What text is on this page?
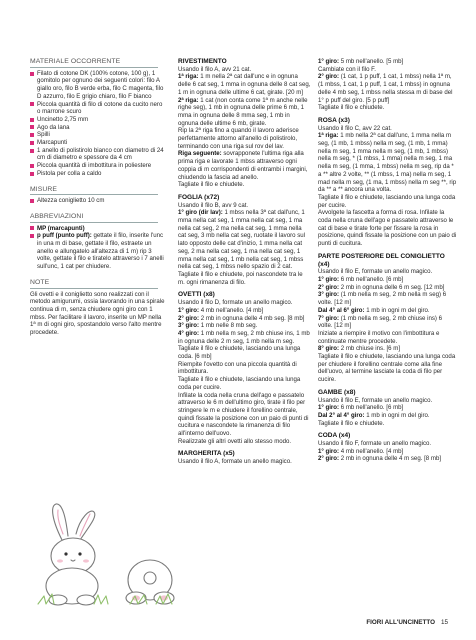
MATERIALE OCCORRENTE
Filato di cotone DK (100% cotone, 100 g), 1 gomitolo per ognuno dei seguenti colori: filo A giallo oro, filo B verde erba, filo C magenta, filo D azzurro, filo E grigio chiaro, filo F bianco
Piccola quantità di filo di cotone da cucito nero o marrone scuro
Uncinetto 2,75 mm
Ago da lana
Spilli
Marcapunti
1 anello di polistirolo bianco con diametro di 24 cm di diametro e spessore da 4 cm
Piccola quantità di imbottitura in poliestere
Pistola per colla a caldo
MISURE
Altezza coniglietto 10 cm
ABBREVIAZIONI
MP (marcapunti)
p puff (punto puff): gettate il filo, inserite l'unc in una m di base, gettate il filo, estraete un anello e allungatelo all'altezza di 1 m) rip 3 volte, gettate il filo e tiratelo attraverso i 7 anelli sull'unc, 1 cat per chiudere.
NOTE

Gli ovetti e il coniglietto sono realizzati con il metodo amigurumi, ossia lavorando in una spirale continua di m, senza chiudere ogni giro con 1 mbss. Per facilitare il lavoro, inserite un MP nella 1ª m di ogni giro, spostandolo verso l'alto mentre procedete.

RIVESTIMENTO

Usando il filo A, avv 21 cat.

1ª riga: 1 m nella 2ª cat dall'unc e in ognuna delle 6 cat seg, 1 mma in ognuna delle 8 cat seg, 1 m in ognuna delle ultime 6 cat, girate. [20 m]

2ª riga: 1 cat (non conta come 1ª m anche nelle righe seg), 1 mb in ognuna delle prime 6 mb, 1 mma in ognuna delle 8 mma seg, 1 mb in ognuna delle ultime 6 mb, girate.

Rip la 2ª riga fino a quando il lavoro aderisce perfettamente attorno all'anello di polistirolo, terminando con una riga sul rov del lav.

Riga seguente: sovrapponete l'ultima riga alla prima riga e lavorate 1 mbss attraverso ogni coppia di m corrispondenti di entrambi i margini, chiudendo la fascia ad anello.

Tagliate il filo e chiudete.

FOGLIA (x72)

Usando il filo B, avv 9 cat.

1° giro (dir lav): 1 mbss nella 3ª cat dall'unc, 1 mma nella cat seg, 1 mma nella cat seg, 1 ma nella cat seg, 2 ma nella cat seg, 1 mma nella cat seg, 3 mb nella cat seg, ruotate il lavoro sul lato opposto delle cat d'inizio, 1 mma nella cat seg, 2 ma nella cat seg, 1 ma nella cat seg, 1 mma nella cat seg, 1 mb nella cat seg, 1 mbss nella cat seg, 1 mbss nello spazio di 2 cat.

Tagliate il filo e chiudete, poi nascondete tra le m. ogni rimanenza di filo.

OVETTI (x8)

Usando il filo D, formate un anello magico.

1° giro: 4 mb nell'anello. [4 mb]

2° giro: 2 mb in ognuna delle 4 mb seg. [8 mb]

3° giro: 1 mb nelle 8 mb seg.

4° giro: 1 mb nella m seg, 2 mb chiuse ins, 1 mb in ognuna delle 2 m seg, 1 mb nella m seg. Tagliate il filo e chiudete, lasciando una lunga coda. [6 mb]

Riempite l'ovetto con una piccola quantità di imbottitura.

Tagliate il filo e chiudete, lasciando una lunga coda per cucire.

Infilate la coda nella cruna dell'ago e passatelo attraverso le 6 m dell'ultimo giro, tirate il filo per stringere le m e chiudere il forellino centrale, quindi fissate la posizione con un paio di punti di cucitura e nascondete la rimanenza di filo all'interno dell'uovo.

Realizzate gli altri ovetti allo stesso modo.

MARGHERITA (x5)

Usando il filo A, formate un anello magico.

1° giro: 5 mb nell'anello. [5 mb]

Cambiate con il filo F.

2° giro: (1 cat, 1 p puff, 1 cat, 1 mbss) nella 1ª m, (1 mbss, 1 cat, 1 p puff, 1 cat, 1 mbss) in ognuna delle 4 mb seg, 1 mbss nella stessa m di base del 1° p puff del giro. [5 p puff]

Tagliate il filo e chiudete.

ROSA (x3)

Usando il filo C, avv 22 cat.

1ª riga: 1 mb nella 2ª cat dall'unc, 1 mma nella m seg, (1 mb, 1 mbss) nella m seg, (1 mb, 1 mma) nella m seg, 1 mma nella m seg, (1 mb, 1 mbss) nella m seg, * (1 mbss, 1 mma) nella m seg, 1 ma nella m seg, (1 mma, 1 mbss) nella m seg, rip da * a ** altre 2 volte, ** (1 mbss, 1 ma) nella m seg, 1 mad nella m seg, (1 ma, 1 mbss) nella m seg **, rip da ** a ** ancora una volta.

Tagliate il filo e chiudete, lasciando una lunga coda per cucire.

Avvolgete la fascetta a forma di rosa. Infilate la coda nella cruna dell'ago e passatelo attraverso le cat di base e tirate forte per fissare la rosa in posizione, quindi fissate la posizione con un paio di punti di cucitura.

PARTE POSTERIORE DEL CONIGLIETTO (x4)

Usando il filo E, formate un anello magico.

1° giro: 6 mb nell'anello. [6 mb]

2° giro: 2 mb in ognuna delle 6 m seg. [12 mb]

3° giro: (1 mb nella m seg, 2 mb nella m seg) 6 volte. [12 m]

Dal 4° al 6° giro: 1 mb in ogni m del giro.

7° giro: (1 mb nella m seg, 2 mb chiuse ins) 6 volte. [12 m]

Iniziate a riempire il motivo con l'imbottitura e continuate mentre procedete.

8° giro: 2 mb chiuse ins. [6 m]

Tagliate il filo e chiudete, lasciando una lunga coda per chiudere il forellino centrale come alla fine dell'uovo, al termine lasciate la coda di filo per cucire.

GAMBE (x8)

Usando il filo E, formate un anello magico.

1° giro: 6 mb nell'anello. [6 mb]

Dal 2° al 4° giro: 1 mb in ogni m del giro.

Tagliate il filo e chiudete.

CODA (x4)

Usando il filo F, formate un anello magico.

1° giro: 4 mb nell'anello. [4 mb]

2° giro: 2 mb in ognuna delle 4 m seg. [8 mb]

FIORI ALL'UNCINETTO 15
